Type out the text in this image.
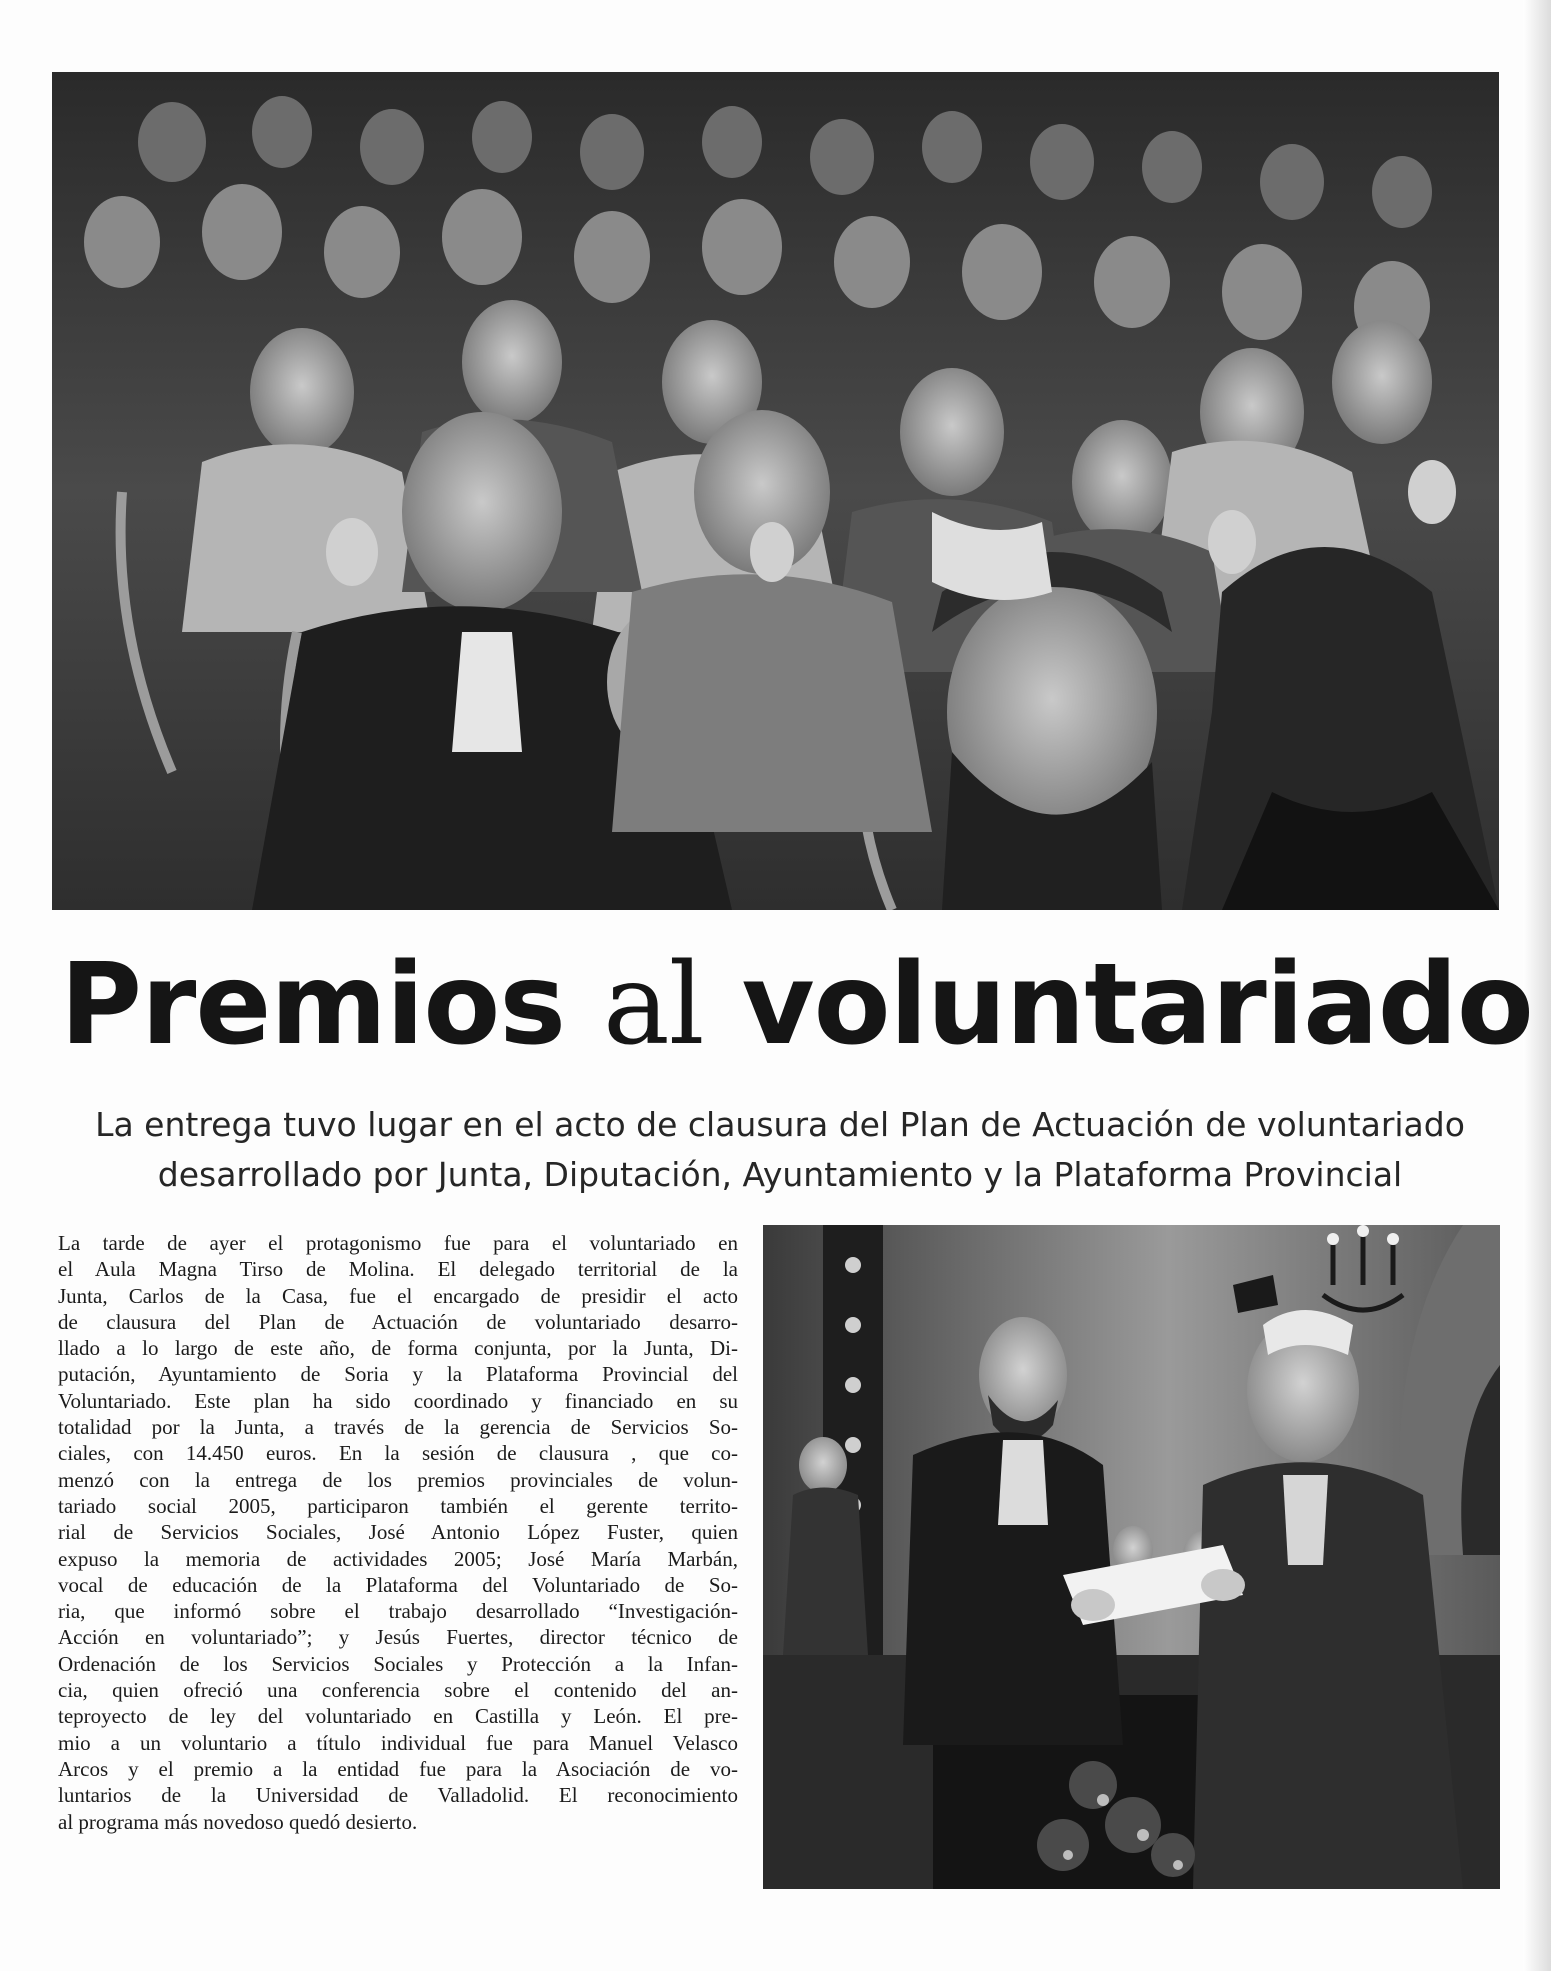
Premios al voluntariado
La entrega tuvo lugar en el acto de clausura del Plan de Actuación de voluntariado
desarrollado por Junta, Diputación, Ayuntamiento y la Plataforma Provincial
La tarde de ayer el protagonismo fue para el voluntariado en
el Aula Magna Tirso de Molina. El delegado territorial de la
Junta, Carlos de la Casa, fue el encargado de presidir el acto
de clausura del Plan de Actuación de voluntariado desarro-
llado a lo largo de este año, de forma conjunta, por la Junta, Di-
putación, Ayuntamiento de Soria y la Plataforma Provincial del
Voluntariado. Este plan ha sido coordinado y financiado en su
totalidad por la Junta, a través de la gerencia de Servicios So-
ciales, con 14.450 euros. En la sesión de clausura , que co-
menzó con la entrega de los premios provinciales de volun-
tariado social 2005, participaron también el gerente territo-
rial de Servicios Sociales, José Antonio López Fuster, quien
expuso la memoria de actividades 2005; José María Marbán,
vocal de educación de la Plataforma del Voluntariado de So-
ria, que informó sobre el trabajo desarrollado “Investigación-
Acción en voluntariado”; y Jesús Fuertes, director técnico de
Ordenación de los Servicios Sociales y Protección a la Infan-
cia, quien ofreció una conferencia sobre el contenido del an-
teproyecto de ley del voluntariado en Castilla y León. El pre-
mio a un voluntario a título individual fue para Manuel Velasco
Arcos y el premio a la entidad fue para la Asociación de vo-
luntarios de la Universidad de Valladolid. El reconocimiento
al programa más novedoso quedó desierto.
